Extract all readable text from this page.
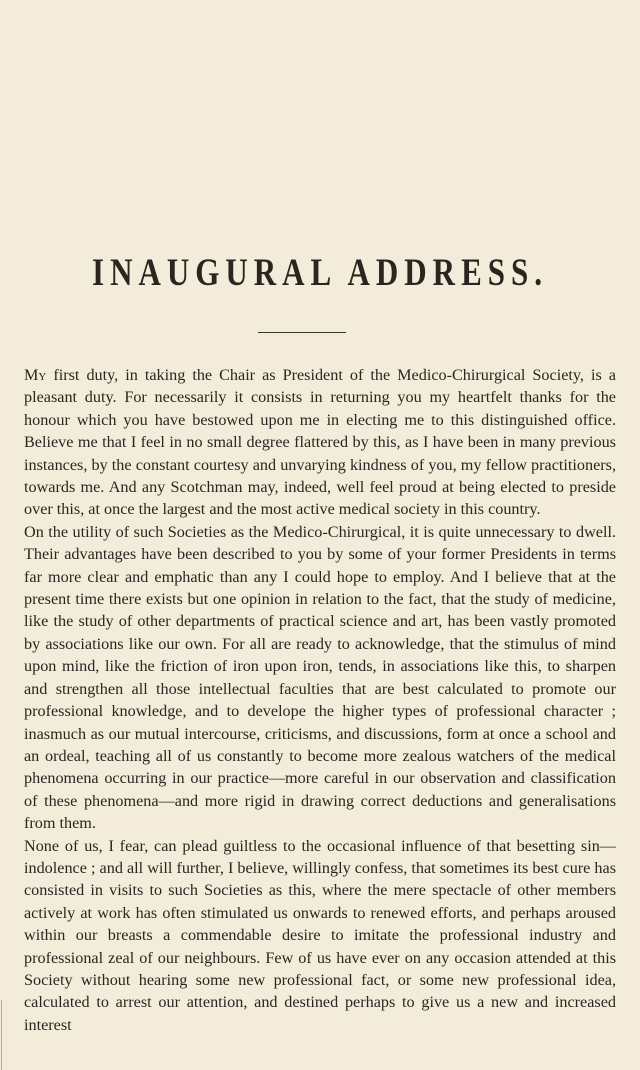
INAUGURAL ADDRESS.

My first duty, in taking the Chair as President of the Medico-Chirurgical Society, is a pleasant duty. For necessarily it consists in returning you my heartfelt thanks for the honour which you have bestowed upon me in electing me to this distinguished office. Believe me that I feel in no small degree flattered by this, as I have been in many previous instances, by the constant courtesy and unvarying kindness of you, my fellow practitioners, towards me. And any Scotchman may, indeed, well feel proud at being elected to preside over this, at once the largest and the most active medical society in this country.

On the utility of such Societies as the Medico-Chirurgical, it is quite unnecessary to dwell. Their advantages have been described to you by some of your former Presidents in terms far more clear and emphatic than any I could hope to employ. And I believe that at the present time there exists but one opinion in relation to the fact, that the study of medicine, like the study of other departments of practical science and art, has been vastly promoted by associations like our own. For all are ready to acknowledge, that the stimulus of mind upon mind, like the friction of iron upon iron, tends, in associations like this, to sharpen and strengthen all those intellectual faculties that are best calculated to promote our professional knowledge, and to develope the higher types of professional character ; inasmuch as our mutual intercourse, criticisms, and discussions, form at once a school and an ordeal, teaching all of us constantly to become more zealous watchers of the medical phenomena occurring in our practice—more careful in our observation and classification of these phenomena—and more rigid in drawing correct deductions and generalisations from them.

None of us, I fear, can plead guiltless to the occasional influence of that besetting sin—indolence ; and all will further, I believe, willingly confess, that sometimes its best cure has consisted in visits to such Societies as this, where the mere spectacle of other members actively at work has often stimulated us onwards to renewed efforts, and perhaps aroused within our breasts a commendable desire to imitate the professional industry and professional zeal of our neighbours. Few of us have ever on any occasion attended at this Society without hearing some new professional fact, or some new professional idea, calculated to arrest our attention, and destined perhaps to give us a new and increased interest
